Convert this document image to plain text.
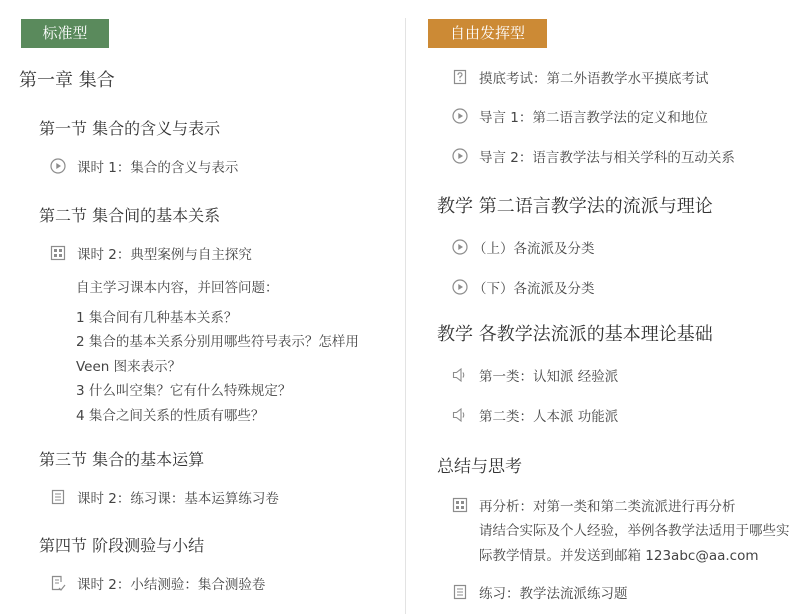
标准型
第一章 集合
第一节 集合的含义与表示
课时 1：集合的含义与表示
第二节 集合间的基本关系
课时 2：典型案例与自主探究
自主学习课本内容，并回答问题：
1 集合间有几种基本关系？
2 集合的基本关系分别用哪些符号表示？怎样用
Veen 图来表示？
3 什么叫空集？它有什么特殊规定？
4 集合之间关系的性质有哪些？
第三节 集合的基本运算
课时 2：练习课：基本运算练习卷
第四节 阶段测验与小结
课时 2：小结测验：集合测验卷
自由发挥型
摸底考试：第二外语教学水平摸底考试
导言 1：第二语言教学法的定义和地位
导言 2：语言教学法与相关学科的互动关系
教学 第二语言教学法的流派与理论
（上）各流派及分类
（下）各流派及分类
教学 各教学法流派的基本理论基础
第一类：认知派 经验派
第二类：人本派 功能派
总结与思考
再分析：对第一类和第二类流派进行再分析
请结合实际及个人经验，举例各教学法适用于哪些实
际教学情景。并发送到邮箱 123abc@aa.com
练习：教学法流派练习题
